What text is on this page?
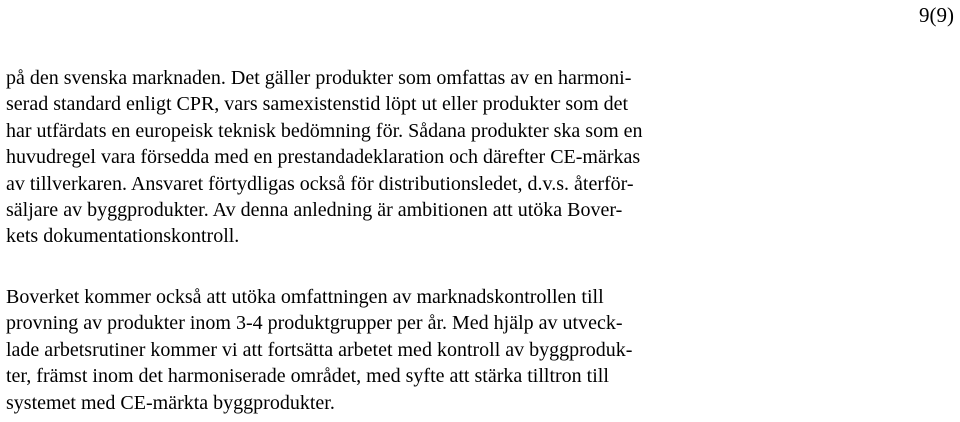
9(9)

på den svenska marknaden. Det gäller produkter som omfattas av en harmoni-
serad standard enligt CPR, vars samexistenstid löpt ut eller produkter som det
har utfärdats en europeisk teknisk bedömning för. Sådana produkter ska som en
huvudregel vara försedda med en prestandadeklaration och därefter CE-märkas
av tillverkaren. Ansvaret förtydligas också för distributionsledet, d.v.s. återför-
säljare av byggprodukter. Av denna anledning är ambitionen att utöka Bover-
kets dokumentationskontroll.

Boverket kommer också att utöka omfattningen av marknadskontrollen till
provning av produkter inom 3-4 produktgrupper per år. Med hjälp av utveck-
lade arbetsrutiner kommer vi att fortsätta arbetet med kontroll av byggproduk-
ter, främst inom det harmoniserade området, med syfte att stärka tilltron till
systemet med CE-märkta byggprodukter.
